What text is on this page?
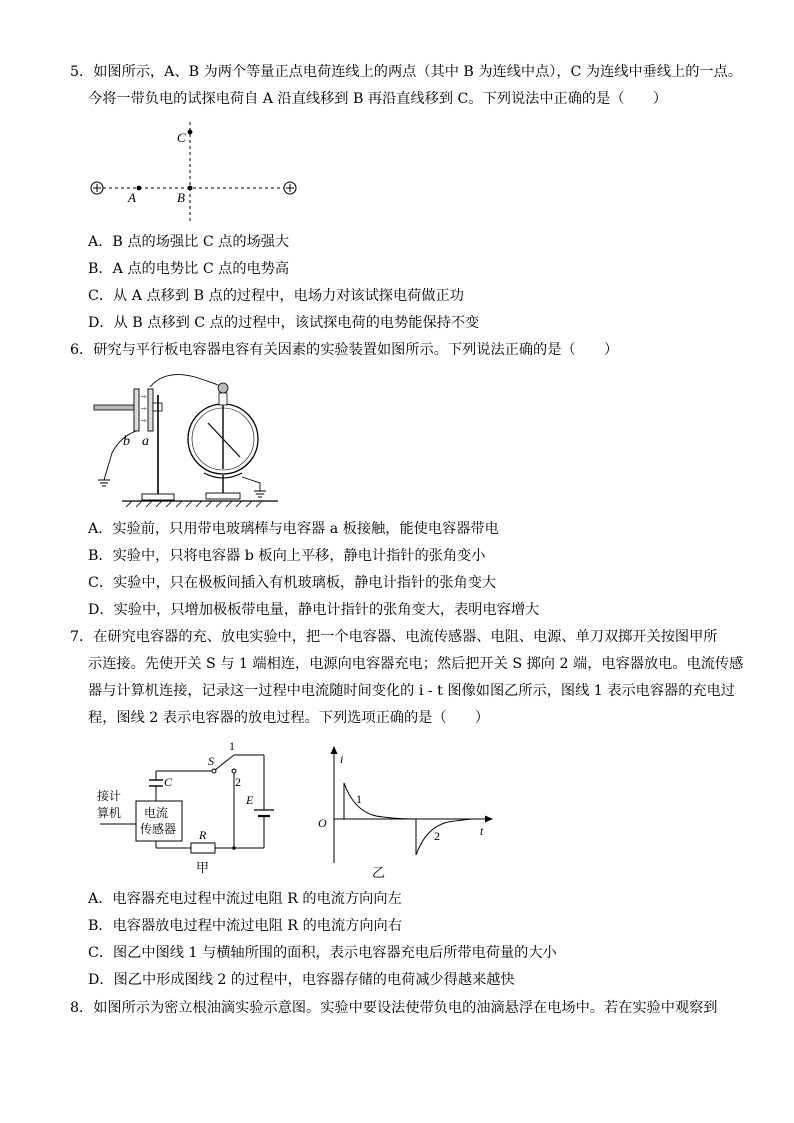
5．如图所示，A、B 为两个等量正点电荷连线上的两点（其中 B 为连线中点），C 为连线中垂线上的一点。
今将一带负电的试探电荷自 A 沿直线移到 B 再沿直线移到 C。下列说法中正确的是（　　）
A	B
C
A．B 点的场强比 C 点的场强大
B．A 点的电势比 C 点的电势高
C．从 A 点移到 B 点的过程中，电场力对该试探电荷做正功
D．从 B 点移到 C 点的过程中，该试探电荷的电势能保持不变
6．研究与平行板电容器电容有关因素的实验装置如图所示。下列说法正确的是（　　）
-
-
-
+
+
+
b a
A．实验前，只用带电玻璃棒与电容器 a 板接触，能使电容器带电
B．实验中，只将电容器 b 板向上平移，静电计指针的张角变小
C．实验中，只在极板间插入有机玻璃板，静电计指针的张角变大
D．实验中，只增加极板带电量，静电计指针的张角变大，表明电容增大
7．在研究电容器的充、放电实验中，把一个电容器、电流传感器、电阻、电源、单刀双掷开关按图甲所
示连接。先使开关 S 与 1 端相连，电源向电容器充电；然后把开关 S 掷向 2 端，电容器放电。电流传感
器与计算机连接，记录这一过程中电流随时间变化的 i - t 图像如图乙所示，图线 1 表示电容器的充电过
程，图线 2 表示电容器的放电过程。下列选项正确的是（　　）
接计
算机 电流
传感器
C
S
1
E
2
R
甲
i
t
O
1
2
乙
A．电容器充电过程中流过电阻 R 的电流方向向左
B．电容器放电过程中流过电阻 R 的电流方向向右
C．图乙中图线 1 与横轴所围的面积，表示电容器充电后所带电荷量的大小
D．图乙中形成图线 2 的过程中，电容器存储的电荷减少得越来越快
8．如图所示为密立根油滴实验示意图。实验中要设法使带负电的油滴悬浮在电场中。若在实验中观察到
